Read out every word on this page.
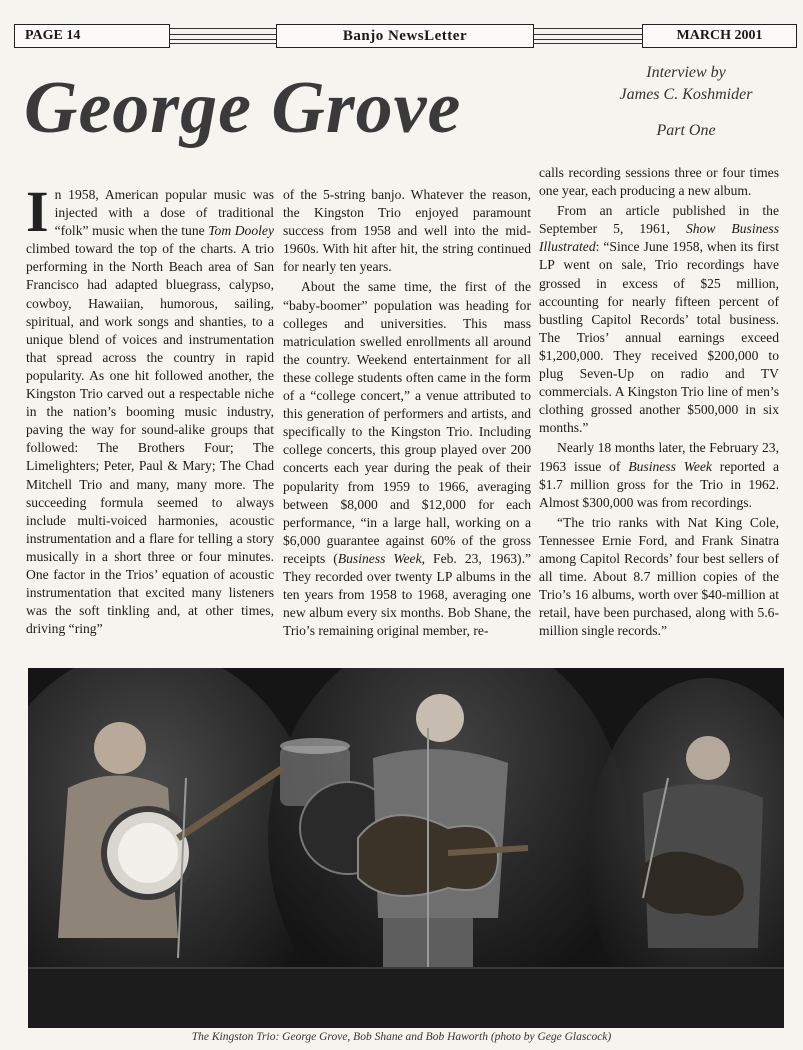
PAGE 14	Banjo NewsLetter	MARCH 2001
George Grove	Interview by

James C. Koshmider

Part One

In 1958, American popular music was injected with a dose of traditional “folk” music when the tune Tom Dooley climbed toward the top of the charts. A trio performing in the North Beach area of San Francisco had adapted bluegrass, calypso, cowboy, Hawaiian, humorous, sailing, spiritual, and work songs and shanties, to a unique blend of voices and instrumentation that spread across the country in rapid popularity. As one hit followed another, the Kingston Trio carved out a respectable niche in the nation’s booming music industry, paving the way for sound-alike groups that followed: The Brothers Four; The Limelighters; Peter, Paul & Mary; The Chad Mitchell Trio and many, many more. The succeeding formula seemed to always include multi-voiced harmonies, acoustic instrumentation and a flare for telling a story musically in a short three or four minutes. One factor in the Trios’ equation of acoustic instrumentation that excited many listeners was the soft tinkling and, at other times, driving “ring”

of the 5-string banjo. Whatever the reason, the Kingston Trio enjoyed paramount success from 1958 and well into the mid-1960s. With hit after hit, the string continued for nearly ten years.

About the same time, the first of the “baby-boomer” population was heading for colleges and universities. This mass matriculation swelled enrollments all around the country. Weekend entertainment for all these college students often came in the form of a “college concert,” a venue attributed to this generation of performers and artists, and specifically to the Kingston Trio. Including college concerts, this group played over 200 concerts each year during the peak of their popularity from 1959 to 1966, averaging between $8,000 and $12,000 for each performance, “in a large hall, working on a $6,000 guarantee against 60% of the gross receipts (Business Week, Feb. 23, 1963).” They recorded over twenty LP albums in the ten years from 1958 to 1968, averaging one new album every six months. Bob Shane, the Trio’s remaining original member, re-

calls recording sessions three or four times one year, each producing a new album.

From an article published in the September 5, 1961, Show Business Illustrated: “Since June 1958, when its first LP went on sale, Trio recordings have grossed in excess of $25 million, accounting for nearly fifteen percent of bustling Capitol Records’ total business. The Trios’ annual earnings exceed $1,200,000. They received $200,000 to plug Seven-Up on radio and TV commercials. A Kingston Trio line of men’s clothing grossed another $500,000 in six months.”

Nearly 18 months later, the February 23, 1963 issue of Business Week reported a $1.7 million gross for the Trio in 1962. Almost $300,000 was from recordings.

“The trio ranks with Nat King Cole, Tennessee Ernie Ford, and Frank Sinatra among Capitol Records’ four best sellers of all time. About 8.7 million copies of the Trio’s 16 albums, worth over $40-million at retail, have been purchased, along with 5.6-million single records.”

The Kingston Trio: George Grove, Bob Shane and Bob Haworth (photo by Gege Glascock)
